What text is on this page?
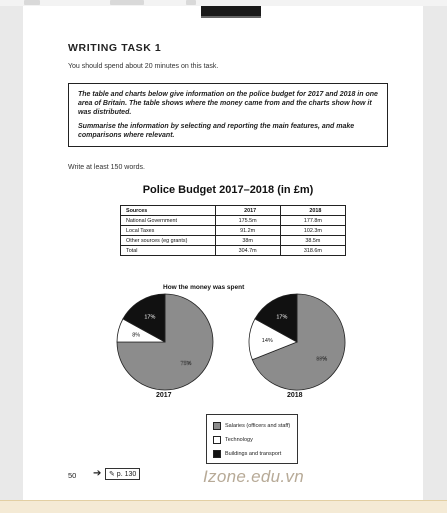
WRITING TASK 1
You should spend about 20 minutes on this task.

The table and charts below give information on the police budget for 2017 and 2018 in one area of Britain. The table shows where the money came from and the charts show how it was distributed.

Summarise the information by selecting and reporting the main features, and make comparisons where relevant.

Write at least 150 words.
Police Budget 2017–2018 (in £m)
Sources	2017	2018
National Government	175.5m	177.8m
Local Taxes	91.2m	102.3m
Other sources (eg grants)	38m	38.5m
Total	304.7m	318.6m
How the money was spent
75%
8%
17%
69%
14%
17%
2017	2018
Salaries (officers and staff)
Technology
Buildings and transport
50 ➔	✎ p. 130	Izone.edu.vn
